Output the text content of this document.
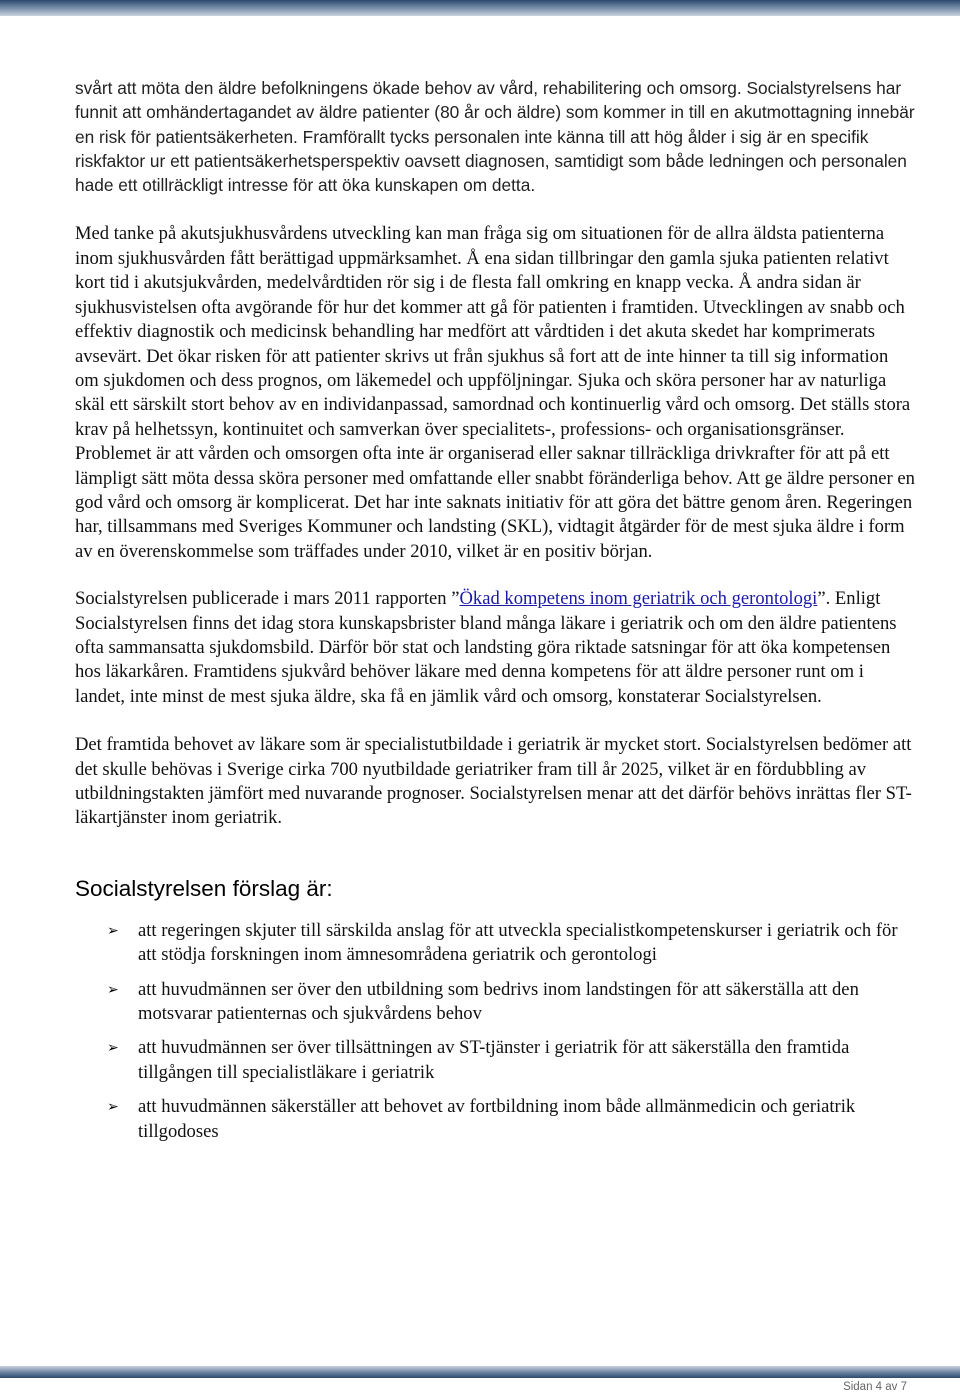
svårt att möta den äldre befolkningens ökade behov av vård, rehabilitering och omsorg. Socialstyrelsens har funnit att omhändertagandet av äldre patienter (80 år och äldre) som kommer in till en akutmottagning innebär en risk för patientsäkerheten. Framförallt tycks personalen inte känna till att hög ålder i sig är en specifik riskfaktor ur ett patientsäkerhetsperspektiv oavsett diagnosen, samtidigt som både ledningen och personalen hade ett otillräckligt intresse för att öka kunskapen om detta.

Med tanke på akutsjukhusvårdens utveckling kan man fråga sig om situationen för de allra äldsta patienterna inom sjukhusvården fått berättigad uppmärksamhet. Å ena sidan tillbringar den gamla sjuka patienten relativt kort tid i akutsjukvården, medelvårdtiden rör sig i de flesta fall omkring en knapp vecka. Å andra sidan är sjukhusvistelsen ofta avgörande för hur det kommer att gå för patienten i framtiden. Utvecklingen av snabb och effektiv diagnostik och medicinsk behandling har medfört att vårdtiden i det akuta skedet har komprimerats avsevärt. Det ökar risken för att patienter skrivs ut från sjukhus så fort att de inte hinner ta till sig information om sjukdomen och dess prognos, om läkemedel och uppföljningar. Sjuka och sköra personer har av naturliga skäl ett särskilt stort behov av en individanpassad, samordnad och kontinuerlig vård och omsorg. Det ställs stora krav på helhetssyn, kontinuitet och samverkan över specialitets-, professions- och organisationsgränser. Problemet är att vården och omsorgen ofta inte är organiserad eller saknar tillräckliga drivkrafter för att på ett lämpligt sätt möta dessa sköra personer med omfattande eller snabbt föränderliga behov. Att ge äldre personer en god vård och omsorg är komplicerat. Det har inte saknats initiativ för att göra det bättre genom åren. Regeringen har, tillsammans med Sveriges Kommuner och landsting (SKL), vidtagit åtgärder för de mest sjuka äldre i form av en överenskommelse som träffades under 2010, vilket är en positiv början.

Socialstyrelsen publicerade i mars 2011 rapporten ”Ökad kompetens inom geriatrik och gerontologi”. Enligt Socialstyrelsen finns det idag stora kunskapsbrister bland många läkare i geriatrik och om den äldre patientens ofta sammansatta sjukdomsbild. Därför bör stat och landsting göra riktade satsningar för att öka kompetensen hos läkarkåren. Framtidens sjukvård behöver läkare med denna kompetens för att äldre personer runt om i landet, inte minst de mest sjuka äldre, ska få en jämlik vård och omsorg, konstaterar Socialstyrelsen.

Det framtida behovet av läkare som är specialistutbildade i geriatrik är mycket stort. Socialstyrelsen bedömer att det skulle behövas i Sverige cirka 700 nyutbildade geriatriker fram till år 2025, vilket är en fördubbling av utbildningstakten jämfört med nuvarande prognoser. Socialstyrelsen menar att det därför behövs inrättas fler ST-läkartjänster inom geriatrik.

Socialstyrelsen förslag är:
➢ att regeringen skjuter till särskilda anslag för att utveckla specialistkompetenskurser i geriatrik och för att stödja forskningen inom ämnesområdena geriatrik och gerontologi
➢ att huvudmännen ser över den utbildning som bedrivs inom landstingen för att säkerställa att den motsvarar patienternas och sjukvårdens behov
➢ att huvudmännen ser över tillsättningen av ST-tjänster i geriatrik för att säkerställa den framtida tillgången till specialistläkare i geriatrik
➢ att huvudmännen säkerställer att behovet av fortbildning inom både allmänmedicin och geriatrik tillgodoses
Sidan 4 av 7
